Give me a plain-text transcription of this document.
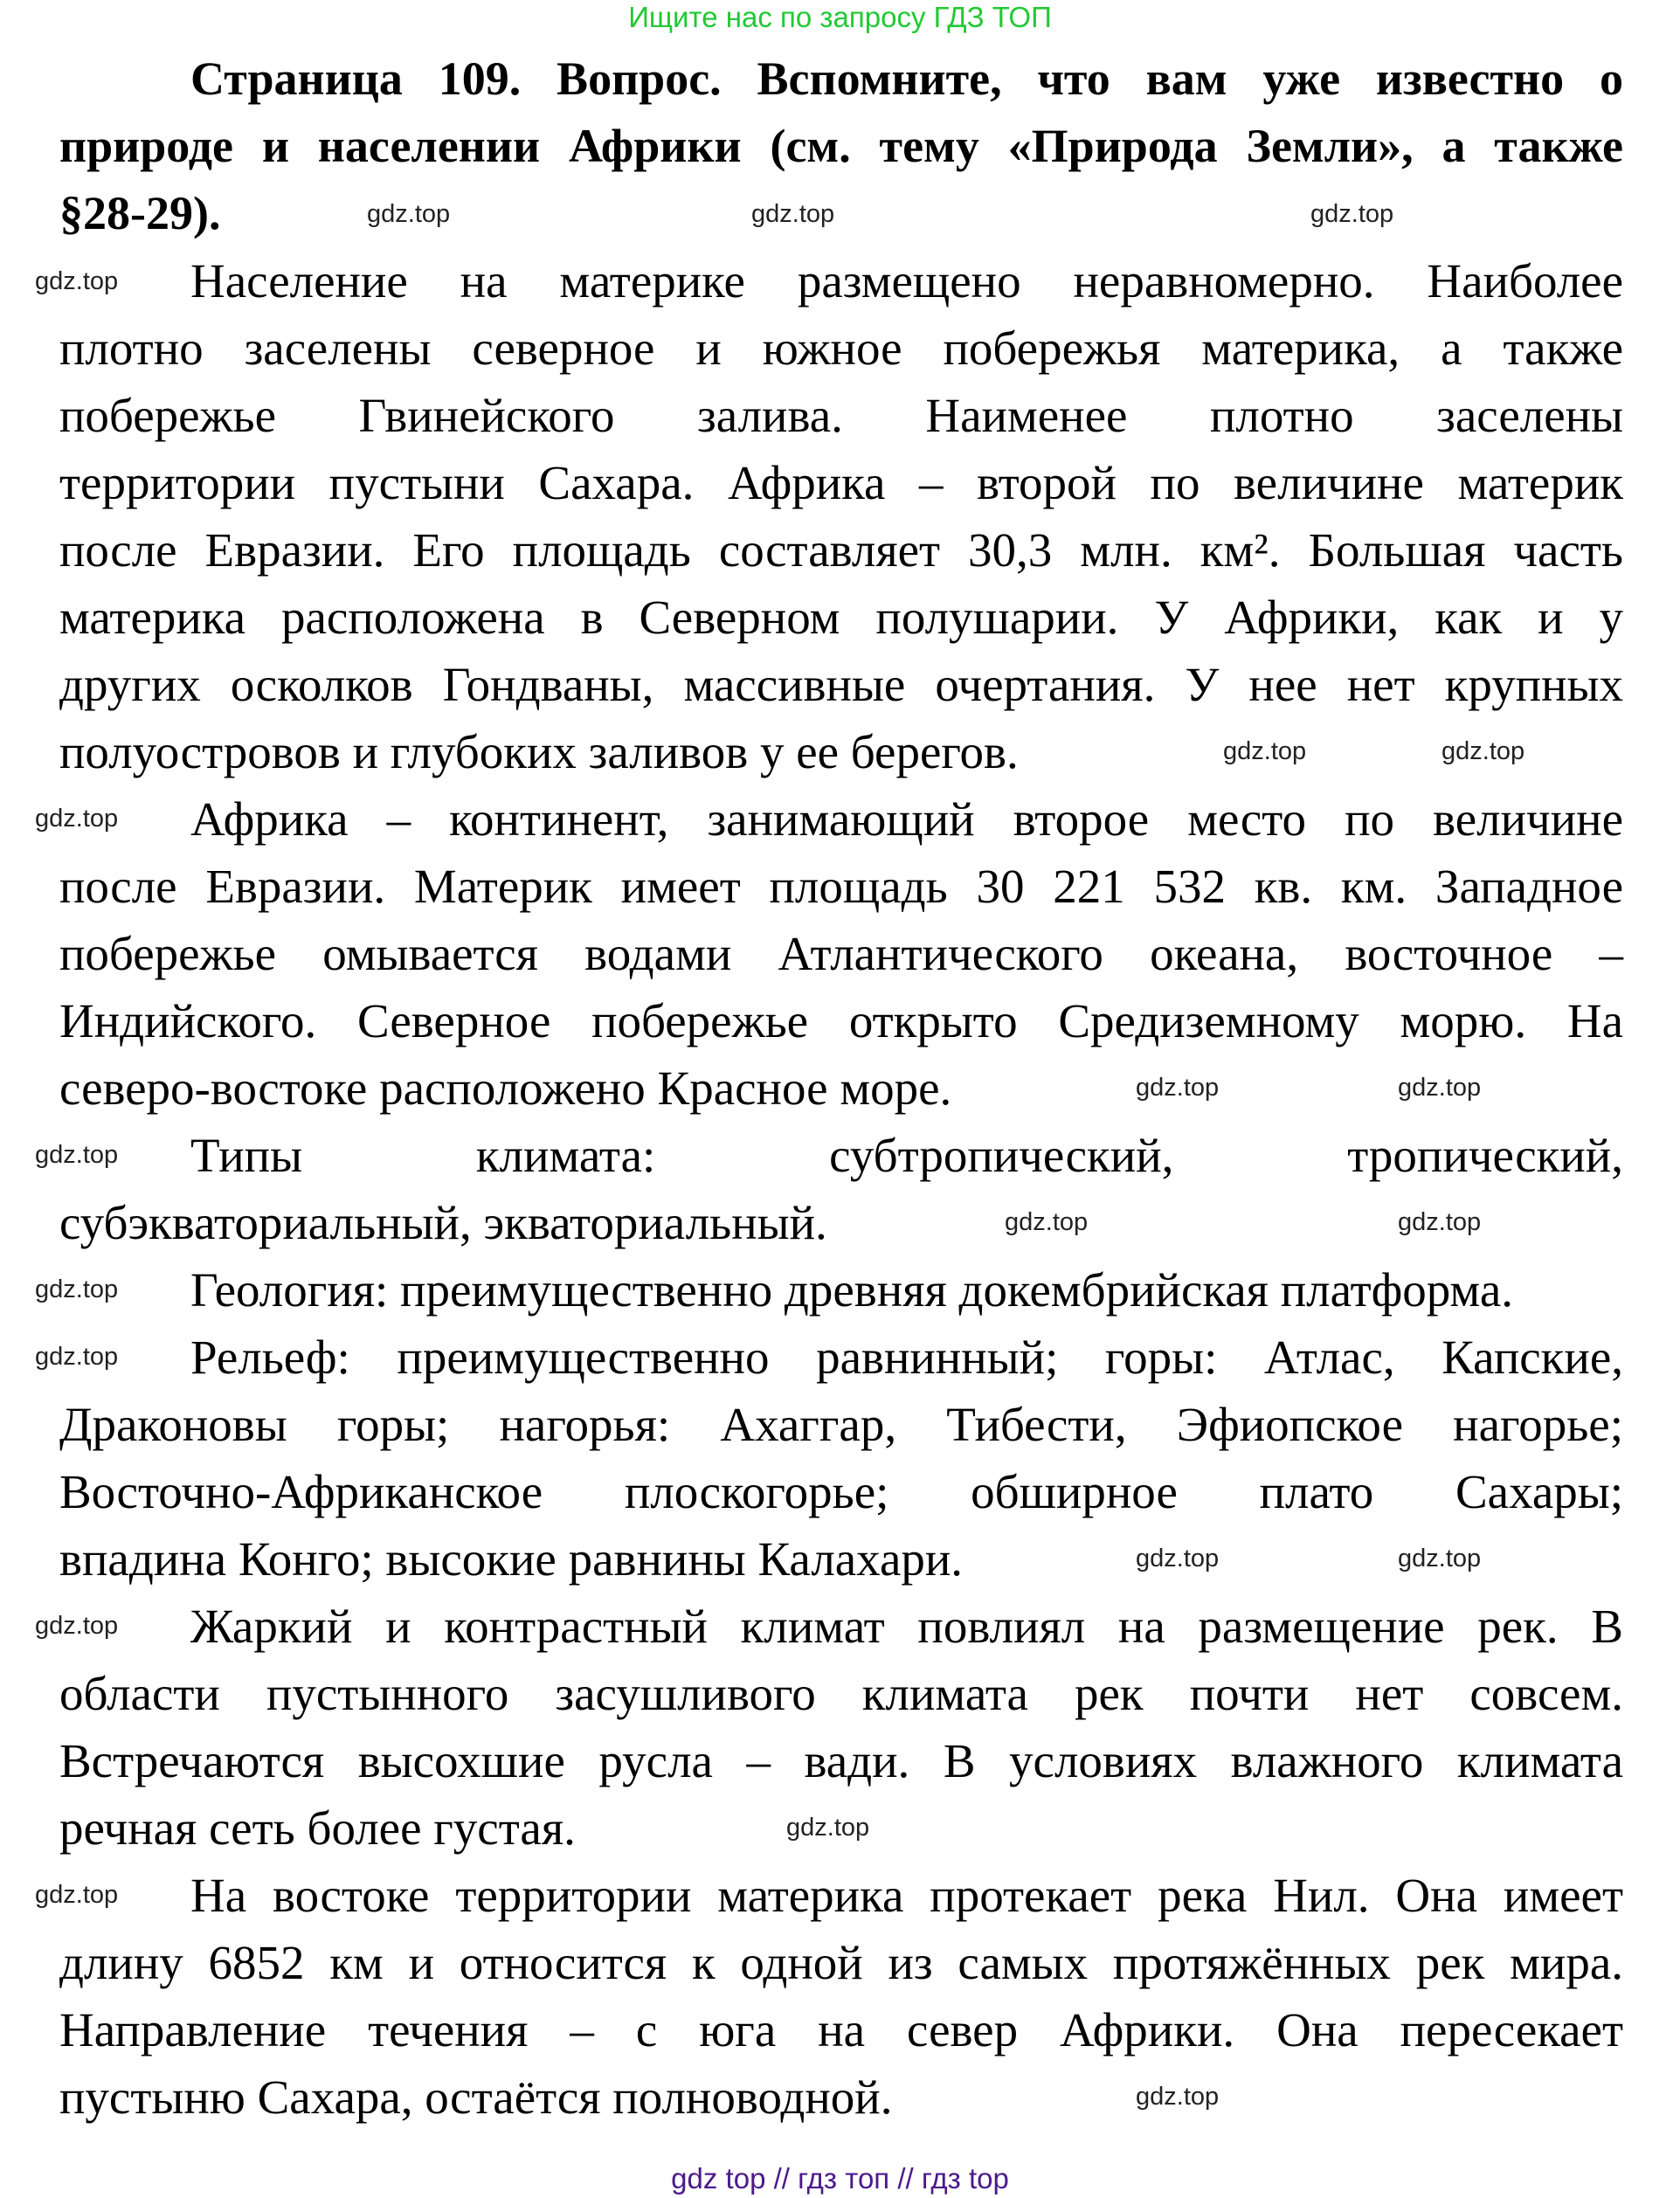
Ищите нас по запросу ГДЗ ТОП
Страница 109. Вопрос. Вспомните, что вам уже известно о
природе и населении Африки (см. тему «Природа Земли», а также
§28-29).
Население на материке размещено неравномерно. Наиболее
плотно заселены северное и южное побережья материка, а также
побережье Гвинейского залива. Наименее плотно заселены
территории пустыни Сахара. Африка – второй по величине материк
после Евразии. Его площадь составляет 30,3 млн. км². Большая часть
материка расположена в Северном полушарии. У Африки, как и у
других осколков Гондваны, массивные очертания. У нее нет крупных
полуостровов и глубоких заливов у ее берегов.
Африка – континент, занимающий второе место по величине
после Евразии. Материк имеет площадь 30 221 532 кв. км. Западное
побережье омывается водами Атлантического океана, восточное –
Индийского. Северное побережье открыто Средиземному морю. На
северо-востоке расположено Красное море.
Типы климата: субтропический, тропический,
субэкваториальный, экваториальный.
Геология: преимущественно древняя докембрийская платформа.
Рельеф: преимущественно равнинный; горы: Атлас, Капские,
Драконовы горы; нагорья: Ахаггар, Тибести, Эфиопское нагорье;
Восточно-Африканское плоскогорье; обширное плато Сахары;
впадина Конго; высокие равнины Калахари.
Жаркий и контрастный климат повлиял на размещение рек. В
области пустынного засушливого климата рек почти нет совсем.
Встречаются высохшие русла – вади. В условиях влажного климата
речная сеть более густая.
На востоке территории материка протекает река Нил. Она имеет
длину 6852 км и относится к одной из самых протяжённых рек мира.
Направление течения – с юга на север Африки. Она пересекает
пустыню Сахара, остаётся полноводной.
gdz.top	gdz.top	gdz.top
gdz.top
gdz.top	gdz.top
gdz.top
gdz.top	gdz.top
gdz.top
gdz.top	gdz.top
gdz.top
gdz.top
gdz.top	gdz.top
gdz.top
gdz.top
gdz.top
gdz.top
gdz top // гдз топ // гдз top
